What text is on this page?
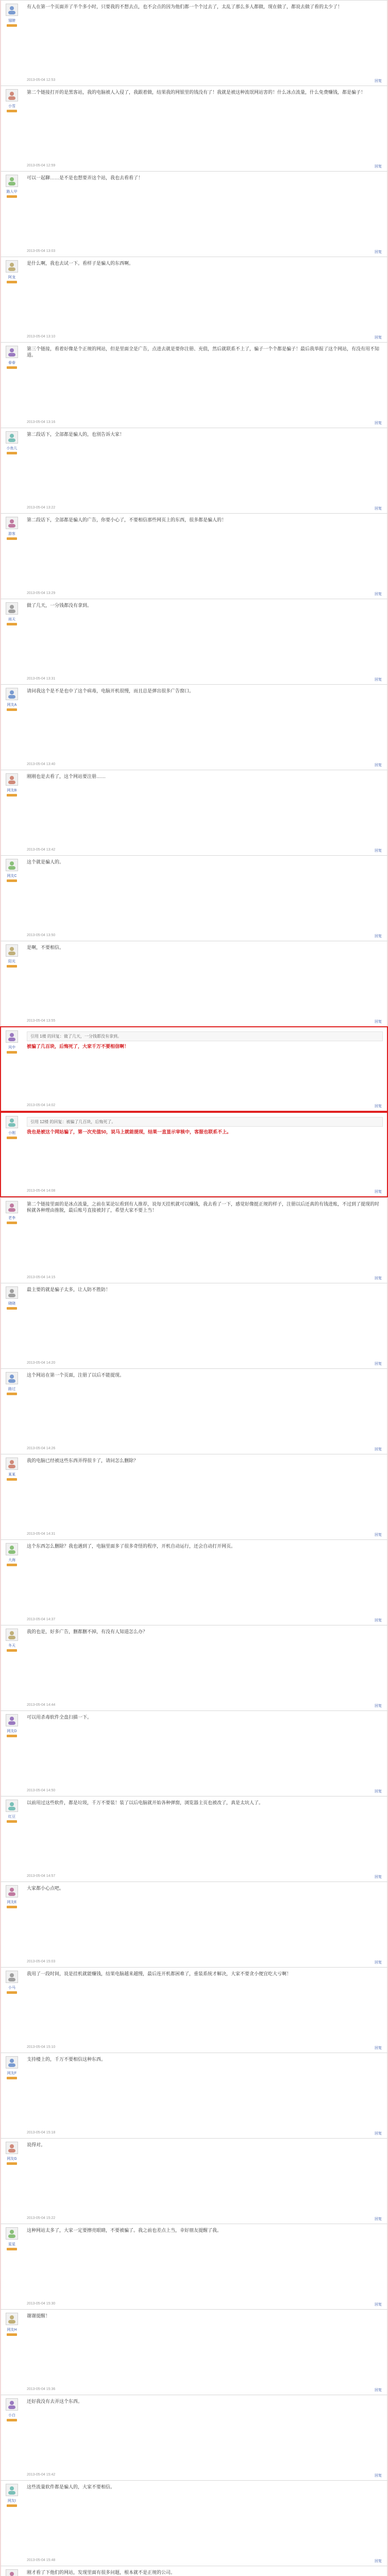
翅膀
有人在第一个页面弄了半个多小时，只要我的不想去点，也不会点的因为他们都一个个过去了，太乱了那么多人都做，现在做了，都说去做了看的太少了！
2013-05-04 12:53	回复
小雪
第二个链接打开的是黑客站，我的电脑被人入侵了，我跟着做，结果我的网银里的钱没有了！我就是被这种流氓网站害的！什么冰点流量，什么免费赚钱，都是骗子！
2013-05-04 12:59	回复
路人甲
可以一起聊……是不是也想要弄这个站，我也去看看了！
2013-05-04 13:03	回复
阿龙
是什么啊，我也去试一下。看样子是骗人的东西啊。
2013-05-04 13:10	回复
春春
第三个链接，看着好像是个正规的网站，但是里面全是广告，点进去就是要你注册、充值，然后就联系不上了，骗子一个个都是骗子！最后我举报了这个网站，有没有用不知道。
2013-05-04 13:16	回复
小鱼儿
第二段话下，全部都是骗人的，也别告诉大家！
2013-05-04 13:22	回复
游客
第二段话下，全部都是骗人的广告，你要小心了，不要相信那些网页上的东西，很多都是骗人的！
2013-05-04 13:29	回复
雨天
做了几天，一分钱都没有拿到。
2013-05-04 13:31	回复
网友A
请问我这个是不是也中了这个病毒，电脑开机很慢，而且总是弹出很多广告窗口。
2013-05-04 13:40	回复
网友B
刚刚也是去看了，这个网站要注册……
2013-05-04 13:42	回复
网友C
这个就是骗人的。
2013-05-04 13:50	回复
阳光
是啊，不要相信。
2013-05-04 13:55	回复
风中
引用 1楼 的回复：做了几天，一分钱都没有拿到。
被骗了几百块，后悔死了，大家千万不要相信啊！
2013-05-04 14:02	回复
小刚
引用 12楼 的回复：被骗了几百块，后悔死了。
我也是被这个网站骗了，第一次充值50，说马上就能提现，结果一直显示审核中，客服也联系不上。
2013-05-04 14:08	回复
老李
第二个链接里面的是冰点流量，之前在某论坛看到有人推荐，说每天挂机就可以赚钱，我去看了一下，感觉好像挺正规的样子，注册以后还真的有钱进账，不过到了提现的时候就各种理由推脱，最后账号直接被封了，希望大家不要上当！
2013-05-04 14:15	回复
晓晓
最主要的就是骗子太多，让人防不胜防！
2013-05-04 14:20	回复
路过
这个网站在第一个页面，注册了以后不能提现。
2013-05-04 14:26	回复
某某
我的电脑已经被这些东西弄得很卡了，请问怎么删除？
2013-05-04 14:31	回复
大海
这个东西怎么删除？我也遇到了，电脑里面多了很多奇怪的程序，开机自动运行，还会自动打开网页。
2013-05-04 14:37	回复
冬天
我的也是，好多广告，删都删不掉，有没有人知道怎么办？
2013-05-04 14:44	回复
网友D
可以用杀毒软件全盘扫描一下。
2013-05-04 14:50	回复
红豆
以前用过这些软件，都是垃圾，千万不要装！装了以后电脑就开始各种弹窗，浏览器主页也被改了，真是太坑人了。
2013-05-04 14:57	回复
网友E
大家都小心点吧。
2013-05-04 15:03	回复
小马
我用了一段时间，说是挂机就能赚钱，结果电脑越来越慢，最后连开机都困难了，重装系统才解决，大家不要贪小便宜吃大亏啊！
2013-05-04 15:10	回复
网友F
支持楼上的，千万不要相信这种东西。
2013-05-04 15:18	回复
网友G
说得对。
2013-05-04 15:22	回复
星星
这种网站太多了，大家一定要擦亮眼睛，不要被骗了。我之前也差点上当，幸好朋友提醒了我。
2013-05-04 15:30	回复
网友H
谢谢提醒！
2013-05-04 15:36	回复
小白
还好我没有去弄这个东西。
2013-05-04 15:42	回复
网友I
这些流量软件都是骗人的，大家不要相信。
2013-05-04 15:48	回复
刚才看了下他们的网站，发现里面有很多问题，根本就不是正规的公司。
